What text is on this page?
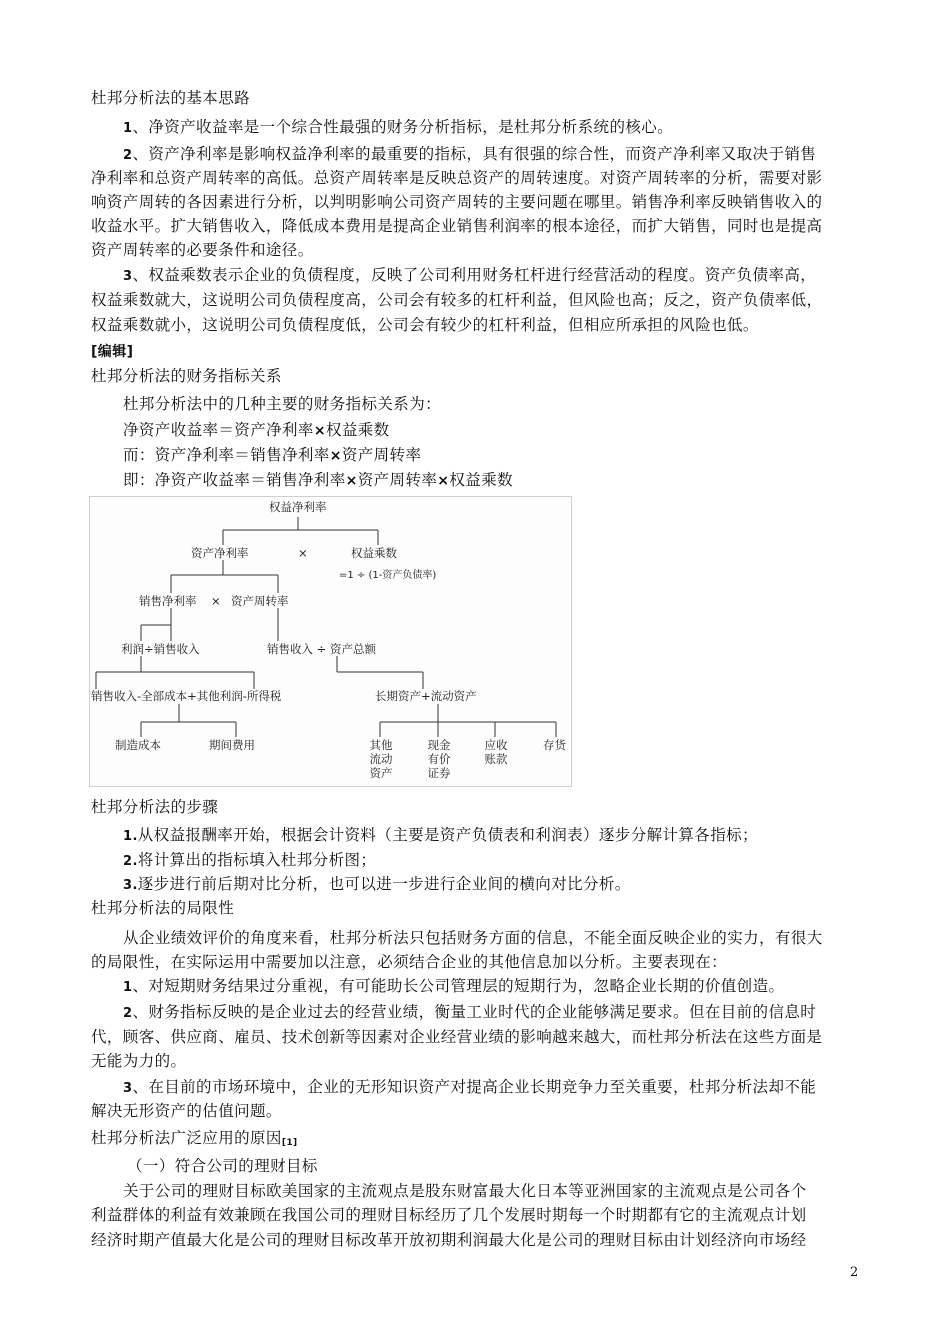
杜邦分析法的基本思路
1、净资产收益率是一个综合性最强的财务分析指标，是杜邦分析系统的核心。
2、资产净利率是影响权益净利率的最重要的指标，具有很强的综合性，而资产净利率又取决于销售
净利率和总资产周转率的高低。总资产周转率是反映总资产的周转速度。对资产周转率的分析，需要对影
响资产周转的各因素进行分析，以判明影响公司资产周转的主要问题在哪里。销售净利率反映销售收入的
收益水平。扩大销售收入，降低成本费用是提高企业销售利润率的根本途径，而扩大销售，同时也是提高
资产周转率的必要条件和途径。
3、权益乘数表示企业的负债程度，反映了公司利用财务杠杆进行经营活动的程度。资产负债率高，
权益乘数就大，这说明公司负债程度高，公司会有较多的杠杆利益，但风险也高；反之，资产负债率低，
权益乘数就小，这说明公司负债程度低，公司会有较少的杠杆利益，但相应所承担的风险也低。
[编辑]
杜邦分析法的财务指标关系
杜邦分析法中的几种主要的财务指标关系为：
净资产收益率＝资产净利率×权益乘数
而：资产净利率＝销售净利率×资产周转率
即：净资产收益率＝销售净利率×资产周转率×权益乘数
权益净利率
资产净利率	×	权益乘数
=1 ÷ (1-资产负债率)
销售净利率 × 资产周转率
利润÷销售收入	销售收入 ÷ 资产总额
销售收入-全部成本+其他利润-所得税	长期资产+流动资产
制造成本	期间费用	其他 流动 资产
现金 有价 证券
应收 账款
存货
杜邦分析法的步骤
1.从权益报酬率开始，根据会计资料（主要是资产负债表和利润表）逐步分解计算各指标；
2.将计算出的指标填入杜邦分析图；
3.逐步进行前后期对比分析，也可以进一步进行企业间的横向对比分析。
杜邦分析法的局限性
从企业绩效评价的角度来看，杜邦分析法只包括财务方面的信息，不能全面反映企业的实力，有很大
的局限性，在实际运用中需要加以注意，必须结合企业的其他信息加以分析。主要表现在：
1、对短期财务结果过分重视，有可能助长公司管理层的短期行为，忽略企业长期的价值创造。
2、财务指标反映的是企业过去的经营业绩，衡量工业时代的企业能够满足要求。但在目前的信息时
代，顾客、供应商、雇员、技术创新等因素对企业经营业绩的影响越来越大，而杜邦分析法在这些方面是
无能为力的。
3、在目前的市场环境中，企业的无形知识资产对提高企业长期竞争力至关重要，杜邦分析法却不能
解决无形资产的估值问题。
杜邦分析法广泛应用的原因$_{[1]}$
（一）符合公司的理财目标
关于公司的理财目标欧美国家的主流观点是股东财富最大化日本等亚洲国家的主流观点是公司各个
利益群体的利益有效兼顾在我国公司的理财目标经历了几个发展时期每一个时期都有它的主流观点计划
经济时期产值最大化是公司的理财目标改革开放初期利润最大化是公司的理财目标由计划经济向市场经
2
